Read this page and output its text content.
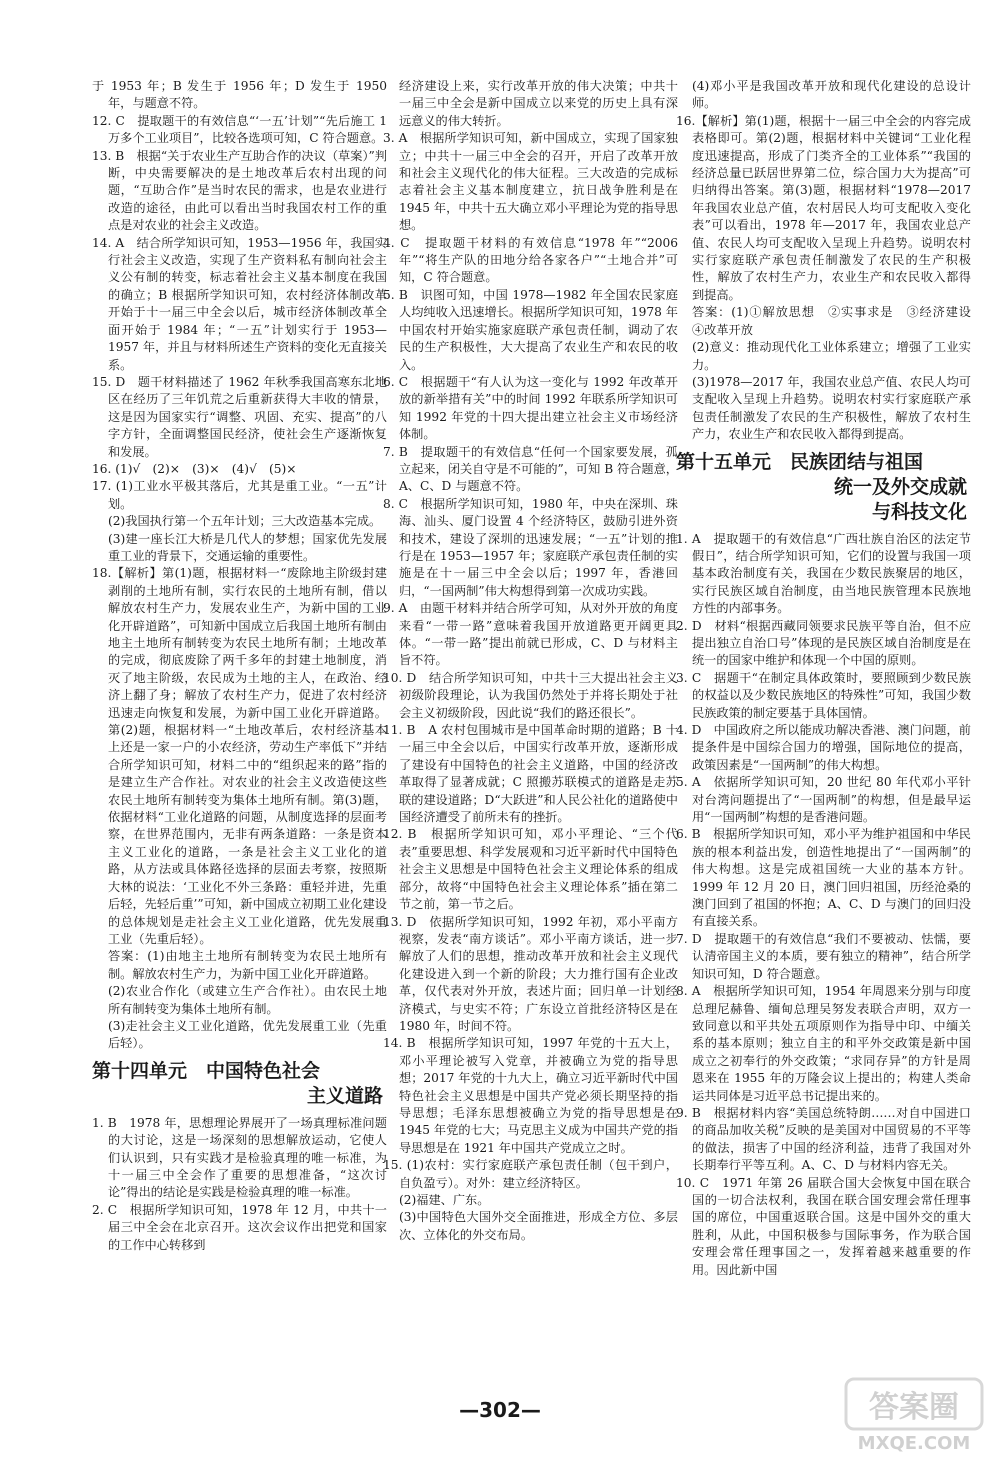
于 1953 年；B 发生于 1956 年；D 发生于 1950 年，与题意不符。

12. C　提取题干的有效信息“‘一五’计划”“先后施工 1 万多个工业项目”，比较各选项可知，C 符合题意。

13. B　根据“关于农业生产互助合作的决议（草案）”判断，中央需要解决的是土地改革后农村出现的问题，“互助合作”是当时农民的需求，也是农业进行改造的途径，由此可以看出当时我国农村工作的重点是对农业的社会主义改造。

14. A　结合所学知识可知，1953—1956 年，我国实行社会主义改造，实现了生产资料私有制向社会主义公有制的转变，标志着社会主义基本制度在我国的确立；B 根据所学知识可知，农村经济体制改革开始于十一届三中全会以后，城市经济体制改革全面开始于 1984 年；“一五”计划实行于 1953—1957 年，并且与材料所述生产资料的变化无直接关系。

15. D　题干材料描述了 1962 年秋季我国高寒东北地区在经历了三年饥荒之后重新获得大丰收的情景，这是因为国家实行“调整、巩固、充实、提高”的八字方针，全面调整国民经济，使社会生产逐渐恢复和发展。

16. (1)√　(2)×　(3)×　(4)√　(5)×

17. (1)工业水平极其落后，尤其是重工业。“一五”计划。

(2)我国执行第一个五年计划；三大改造基本完成。

(3)建一座长江大桥是几代人的梦想；国家优先发展重工业的背景下，交通运输的重要性。

18.【解析】第(1)题，根据材料一“废除地主阶级封建剥削的土地所有制，实行农民的土地所有制，借以解放农村生产力，发展农业生产，为新中国的工业化开辟道路”，可知新中国成立后我国土地所有制由地主土地所有制转变为农民土地所有制；土地改革的完成，彻底废除了两千多年的封建土地制度，消灭了地主阶级，农民成为土地的主人，在政治、经济上翻了身；解放了农村生产力，促进了农村经济迅速走向恢复和发展，为新中国工业化开辟道路。第(2)题，根据材料一“土地改革后，农村经济基本上还是一家一户的小农经济，劳动生产率低下”并结合所学知识可知，材料二中的“组织起来的路”指的是建立生产合作社。对农业的社会主义改造使这些农民土地所有制转变为集体土地所有制。第(3)题，依据材料“工业化道路的问题，从制度选择的层面考察，在世界范围内，无非有两条道路：一条是资本主义工业化的道路，一条是社会主义工业化的道路，从方法或具体路径选择的层面去考察，按照斯大林的说法：‘工业化不外三条路：重轻并进，先重后轻，先轻后重’”可知，新中国成立初期工业化建设的总体规划是走社会主义工业化道路，优先发展重工业（先重后轻）。

答案：(1)由地主土地所有制转变为农民土地所有制。解放农村生产力，为新中国工业化开辟道路。

(2)农业合作化（或建立生产合作社）。由农民土地所有制转变为集体土地所有制。

(3)走社会主义工业化道路，优先发展重工业（先重后轻）。

第十四单元　中国特色社会
主义道路

1. B　1978 年，思想理论界展开了一场真理标准问题的大讨论，这是一场深刻的思想解放运动，它使人们认识到，只有实践才是检验真理的唯一标准，为十一届三中全会作了重要的思想准备，“这次讨论”得出的结论是实践是检验真理的唯一标准。

2. C　根据所学知识可知，1978 年 12 月，中共十一届三中全会在北京召开。这次会议作出把党和国家的工作中心转移到

经济建设上来，实行改革开放的伟大决策；中共十一届三中全会是新中国成立以来党的历史上具有深远意义的伟大转折。

3. A　根据所学知识可知，新中国成立，实现了国家独立；中共十一届三中全会的召开，开启了改革开放和社会主义现代化的伟大征程。三大改造的完成标志着社会主义基本制度建立，抗日战争胜利是在 1945 年，中共十五大确立邓小平理论为党的指导思想。

4. C　提取题干材料的有效信息“1978 年”“2006 年”“将生产队的田地分给各家各户”“土地合并”可知，C 符合题意。

5. B　识图可知，中国 1978—1982 年全国农民家庭人均纯收入迅速增长。根据所学知识可知，1978 年中国农村开始实施家庭联产承包责任制，调动了农民的生产积极性，大大提高了农业生产和农民的收入。

6. C　根据题干“有人认为这一变化与 1992 年改革开放的新举措有关”中的时间 1992 年联系所学知识可知 1992 年党的十四大提出建立社会主义市场经济体制。

7. B　提取题干的有效信息“任何一个国家要发展，孤立起来，闭关自守是不可能的”，可知 B 符合题意，A、C、D 与题意不符。

8. C　根据所学知识可知，1980 年，中央在深圳、珠海、汕头、厦门设置 4 个经济特区，鼓励引进外资和技术，建设了深圳的迅速发展；“一五”计划的推行是在 1953—1957 年；家庭联产承包责任制的实施是在十一届三中全会以后；1997 年，香港回归，“一国两制”伟大构想得到第一次成功实践。

9. A　由题干材料并结合所学可知，从对外开放的角度来看“一带一路”意味着我国开放道路更开阔更具体。“一带一路”提出前就已形成，C、D 与材料主旨不符。

10. D　结合所学知识可知，中共十三大提出社会主义初级阶段理论，认为我国仍然处于并将长期处于社会主义初级阶段，因此说“我们的路还很长”。

11. B　A 农村包围城市是中国革命时期的道路；B 十一届三中全会以后，中国实行改革开放，逐渐形成了建设有中国特色的社会主义道路，中国的经济改革取得了显著成就；C 照搬苏联模式的道路是走苏联的建设道路；D“大跃进”和人民公社化的道路使中国经济遭受了前所未有的挫折。

12. B　根据所学知识可知，邓小平理论、“三个代表”重要思想、科学发展观和习近平新时代中国特色社会主义思想是中国特色社会主义理论体系的组成部分，故将“中国特色社会主义理论体系”插在第二节之前，第一节之后。

13. D　依据所学知识可知，1992 年初，邓小平南方视察，发表“南方谈话”。邓小平南方谈话，进一步解放了人们的思想，推动改革开放和社会主义现代化建设进入到一个新的阶段；大力推行国有企业改革，仅代表对外开放，表述片面；回归单一计划经济模式，与史实不符；广东设立首批经济特区是在 1980 年，时间不符。

14. B　根据所学知识可知，1997 年党的十五大上，邓小平理论被写入党章，并被确立为党的指导思想；2017 年党的十九大上，确立习近平新时代中国特色社会主义思想是中国共产党必须长期坚持的指导思想；毛泽东思想被确立为党的指导思想是在 1945 年党的七大；马克思主义成为中国共产党的指导思想是在 1921 年中国共产党成立之时。

15. (1)农村：实行家庭联产承包责任制（包干到户，自负盈亏）。对外：建立经济特区。

(2)福建、广东。

(3)中国特色大国外交全面推进，形成全方位、多层次、立体化的外交布局。

(4)邓小平是我国改革开放和现代化建设的总设计师。

16.【解析】第(1)题，根据十一届三中全会的内容完成表格即可。第(2)题，根据材料中关键词“工业化程度迅速提高，形成了门类齐全的工业体系”“我国的经济总量已跃居世界第二位，综合国力大为提高”可归纳得出答案。第(3)题，根据材料“1978—2017 年我国农业总产值，农村居民人均可支配收入变化表”可以看出，1978 年—2017 年，我国农业总产值、农民人均可支配收入呈现上升趋势。说明农村实行家庭联产承包责任制激发了农民的生产积极性，解放了农村生产力，农业生产和农民收入都得到提高。

答案：(1)①解放思想　②实事求是　③经济建设　④改革开放

(2)意义：推动现代化工业体系建立；增强了工业实力。

(3)1978—2017 年，我国农业总产值、农民人均可支配收入呈现上升趋势。说明农村实行家庭联产承包责任制激发了农民的生产积极性，解放了农村生产力，农业生产和农民收入都得到提高。

第十五单元　民族团结与祖国
统一及外交成就
与科技文化

1. A　提取题干的有效信息“广西壮族自治区的法定节假日”，结合所学知识可知，它们的设置与我国一项基本政治制度有关，我国在少数民族聚居的地区，实行民族区域自治制度，由当地民族管理本民族地方性的内部事务。

2. D　材料“根据西藏同领要求民族平等自治，但不应提出独立自治口号”体现的是民族区域自治制度是在统一的国家中维护和体现一个中国的原则。

3. C　据题干“在制定具体政策时，要照顾到少数民族的权益以及少数民族地区的特殊性”可知，我国少数民族政策的制定要基于具体国情。

4. D　中国政府之所以能成功解决香港、澳门问题，前提条件是中国综合国力的增强，国际地位的提高，政策因素是“一国两制”的伟大构想。

5. A　依据所学知识可知，20 世纪 80 年代邓小平针对台湾问题提出了“一国两制”的构想，但是最早运用“一国两制”构想的是香港问题。

6. B　根据所学知识可知，邓小平为维护祖国和中华民族的根本利益出发，创造性地提出了“一国两制”的伟大构想。这是完成祖国统一大业的基本方针。1999 年 12 月 20 日，澳门回归祖国，历经沧桑的澳门回到了祖国的怀抱；A、C、D 与澳门的回归没有直接关系。

7. D　提取题干的有效信息“我们不要被动、怯懦，要认清帝国主义的本质，要有独立的精神”，结合所学知识可知，D 符合题意。

8. A　根据所学知识可知，1954 年周恩来分别与印度总理尼赫鲁、缅甸总理吴努发表联合声明，双方一致同意以和平共处五项原则作为指导中印、中缅关系的基本原则；独立自主的和平外交政策是新中国成立之初奉行的外交政策；“求同存异”的方针是周恩来在 1955 年的万隆会议上提出的；构建人类命运共同体是习近平总书记提出来的。

9. B　根据材料内容“美国总统特朗……对自中国进口的商品加收关税”反映的是美国对中国贸易的不平等的做法，损害了中国的经济利益，违背了我国对外长期奉行平等互利。A、C、D 与材料内容无关。

10. C　1971 年第 26 届联合国大会恢复中国在联合国的一切合法权利，我国在联合国安理会常任理事国的席位，中国重返联合国。这是中国外交的重大胜利，从此，中国积极参与国际事务，作为联合国安理会常任理事国之一，发挥着越来越重要的作用。因此新中国

—302—	答案圈
MXQE.COM
